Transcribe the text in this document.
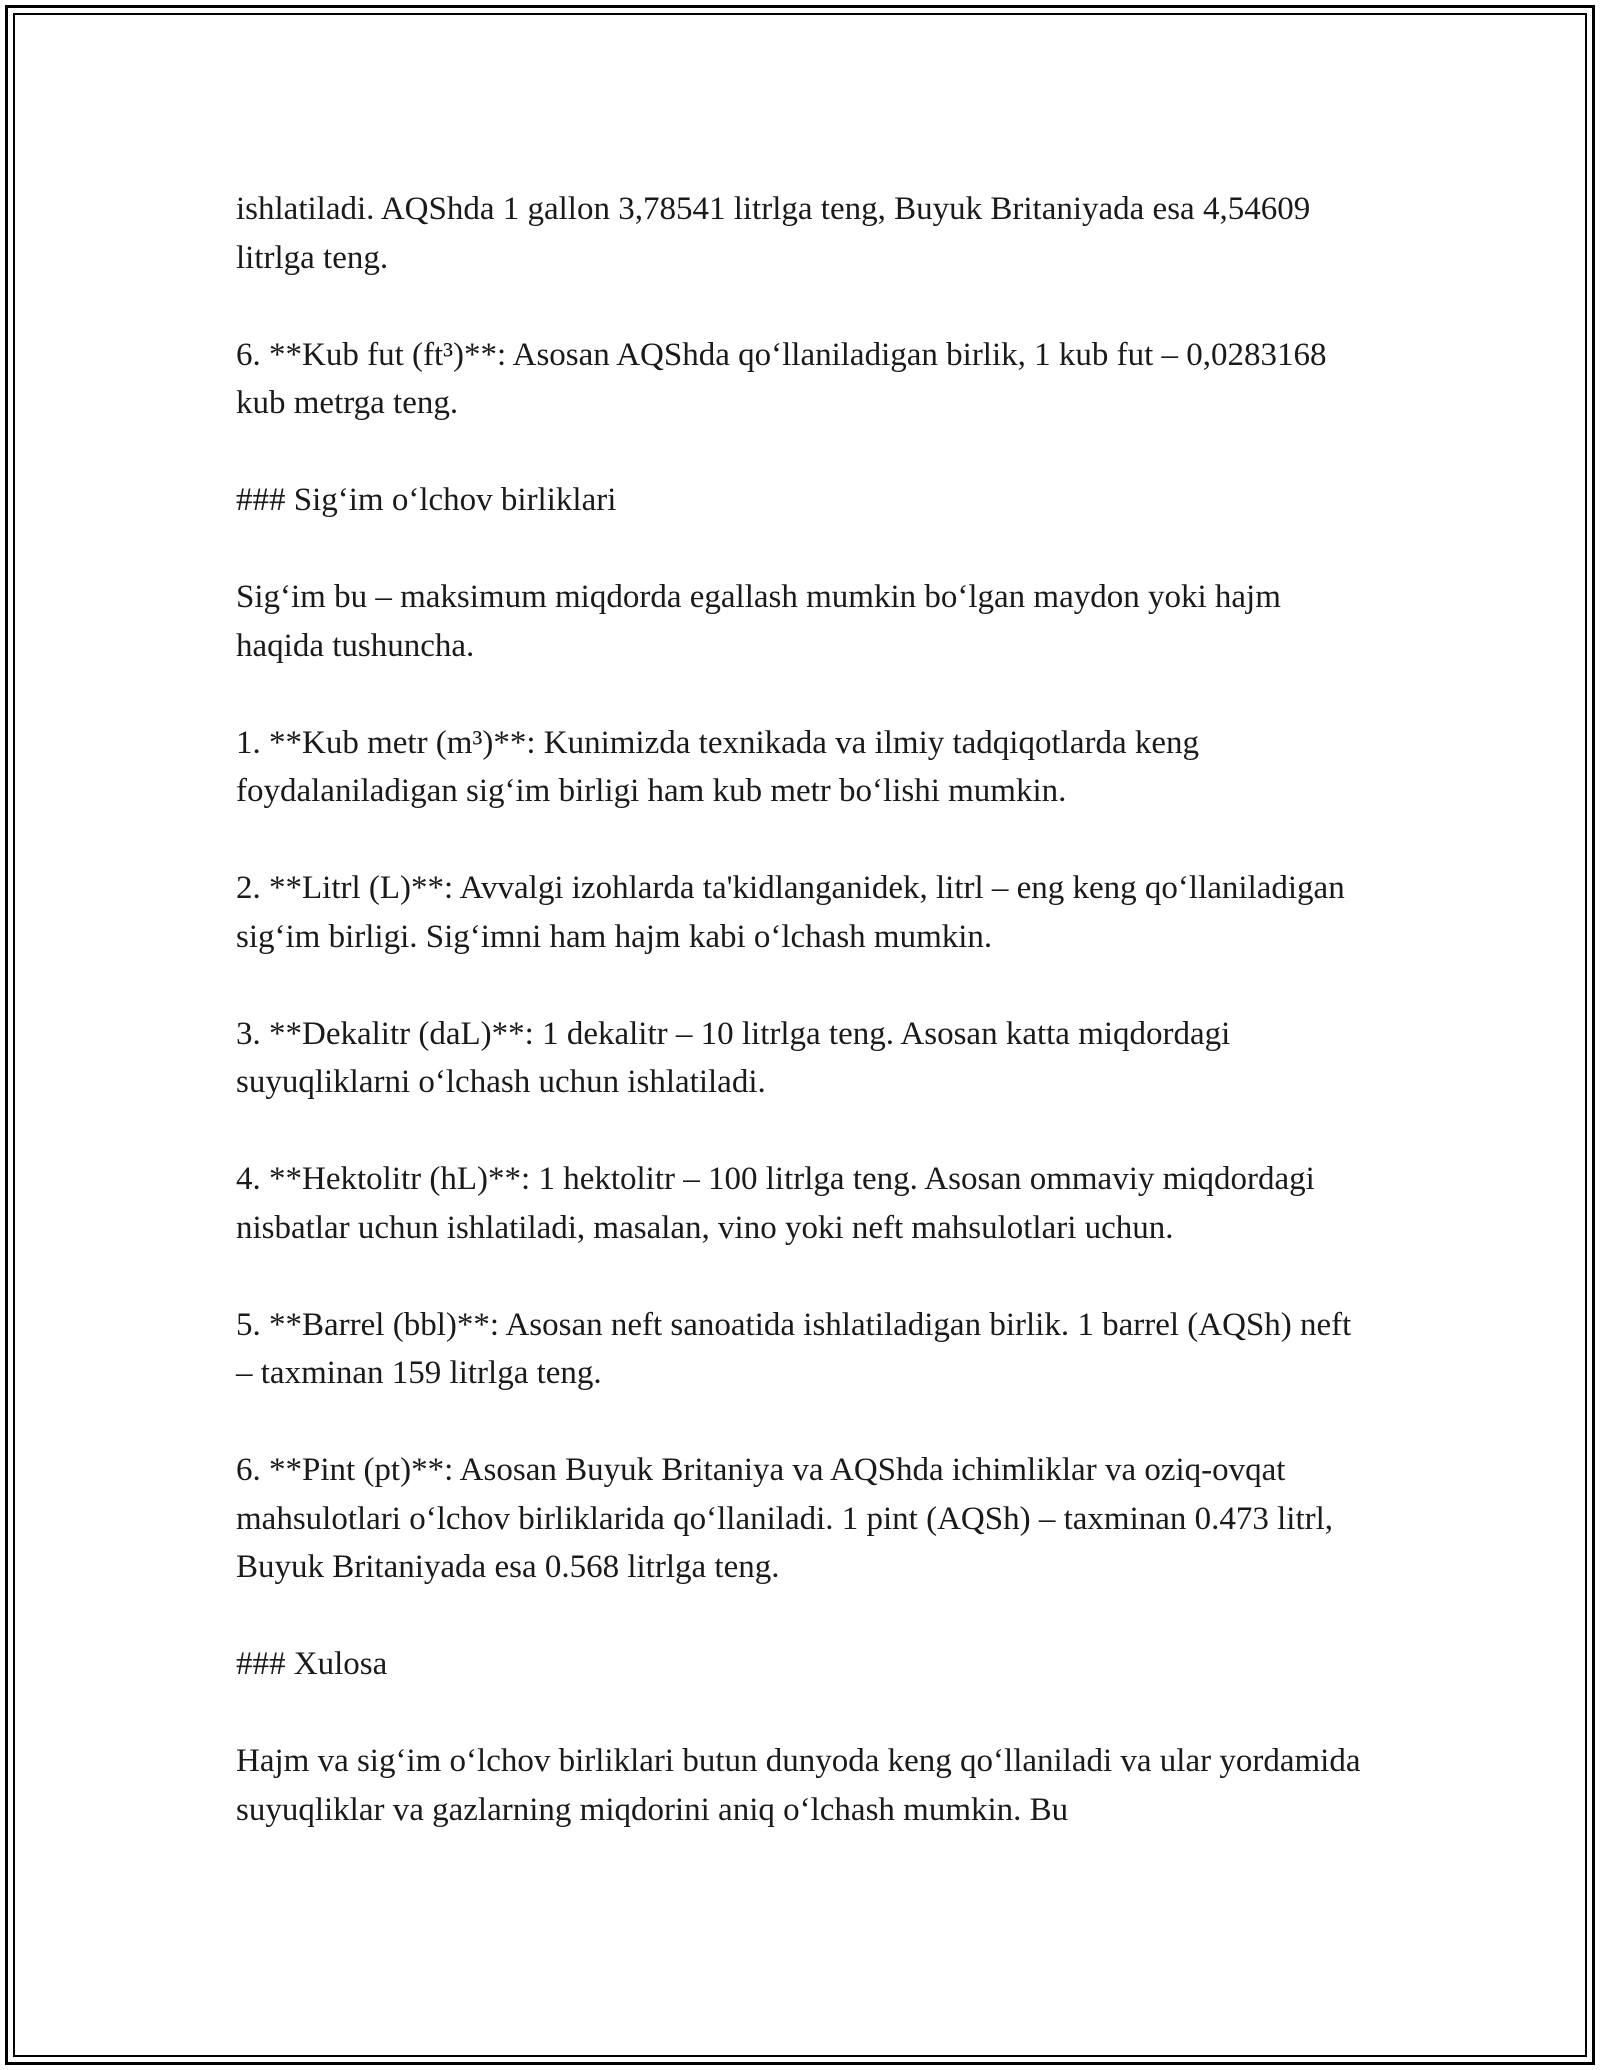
ishlatiladi. AQShda 1 gallon 3,78541 litrlga teng, Buyuk Britaniyada esa 4,54609 litrlga teng.

6. **Kub fut (ft³)**: Asosan AQShda qo‘llaniladigan birlik, 1 kub fut – 0,0283168 kub metrga teng.

### Sig‘im o‘lchov birliklari

Sig‘im bu – maksimum miqdorda egallash mumkin bo‘lgan maydon yoki hajm haqida tushuncha.

1. **Kub metr (m³)**: Kunimizda texnikada va ilmiy tadqiqotlarda keng foydalaniladigan sig‘im birligi ham kub metr bo‘lishi mumkin.

2. **Litrl (L)**: Avvalgi izohlarda ta'kidlanganidek, litrl – eng keng qo‘llaniladigan sig‘im birligi. Sig‘imni ham hajm kabi o‘lchash mumkin.

3. **Dekalitr (daL)**: 1 dekalitr – 10 litrlga teng. Asosan katta miqdordagi suyuqliklarni o‘lchash uchun ishlatiladi.

4. **Hektolitr (hL)**: 1 hektolitr – 100 litrlga teng. Asosan ommaviy miqdordagi nisbatlar uchun ishlatiladi, masalan, vino yoki neft mahsulotlari uchun.

5. **Barrel (bbl)**: Asosan neft sanoatida ishlatiladigan birlik. 1 barrel (AQSh) neft – taxminan 159 litrlga teng.

6. **Pint (pt)**: Asosan Buyuk Britaniya va AQShda ichimliklar va oziq-ovqat mahsulotlari o‘lchov birliklarida qo‘llaniladi. 1 pint (AQSh) – taxminan 0.473 litrl, Buyuk Britaniyada esa 0.568 litrlga teng.

### Xulosa

Hajm va sig‘im o‘lchov birliklari butun dunyoda keng qo‘llaniladi va ular yordamida suyuqliklar va gazlarning miqdorini aniq o‘lchash mumkin. Bu
